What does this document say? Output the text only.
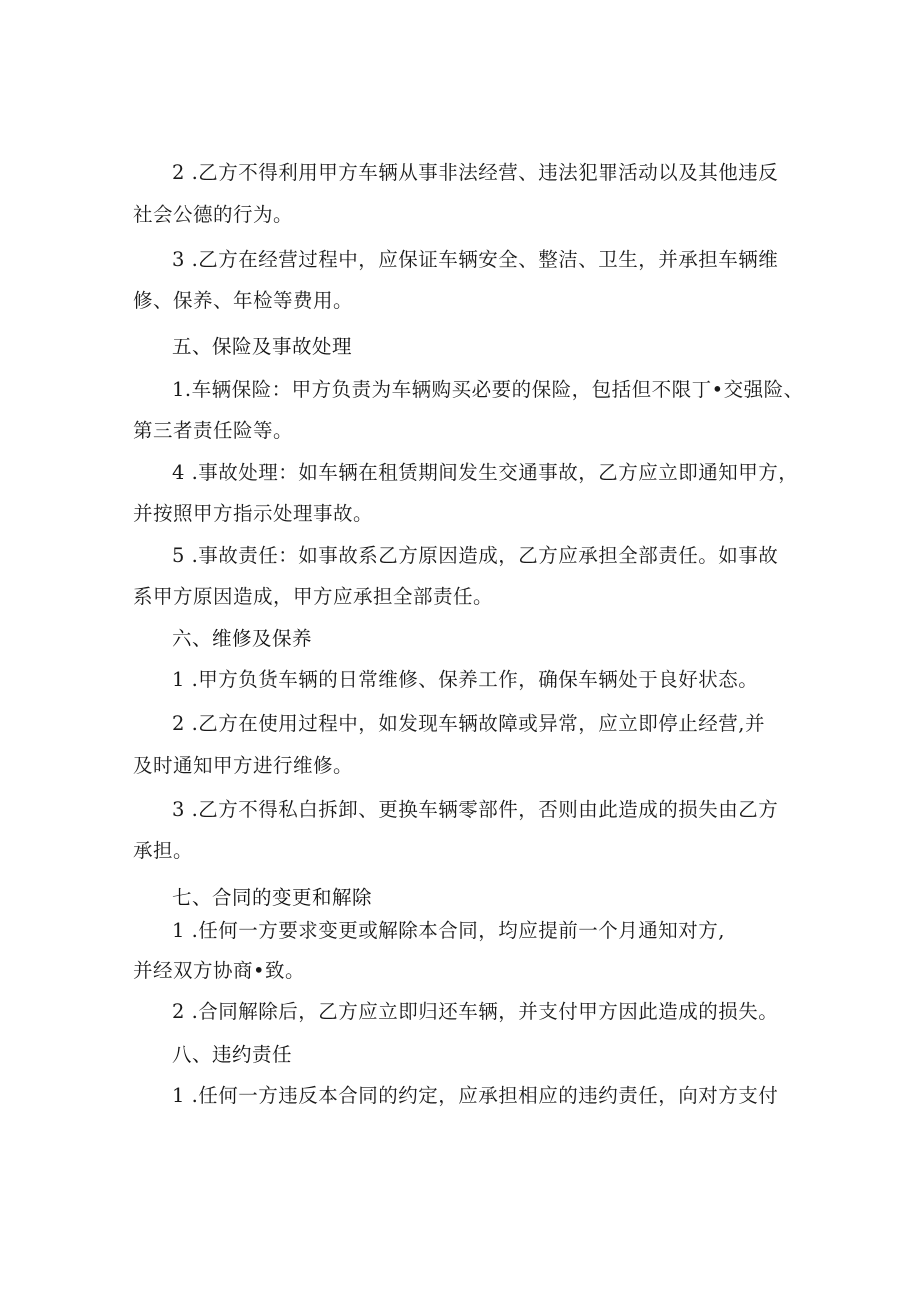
2 .乙方不得利用甲方车辆从事非法经营、违法犯罪活动以及其他违反
社会公德的行为。
3 .乙方在经营过程中，应保证车辆安全、整洁、卫生，并承担车辆维
修、保养、年检等费用。
五、保险及事故处理
1.车辆保险：甲方负责为车辆购买必要的保险，包括但不限丁•交强险、
第三者责任险等。
4 .事故处理：如车辆在租赁期间发生交通事故，乙方应立即通知甲方，
并按照甲方指示处理事故。
5 .事故责任：如事故系乙方原因造成，乙方应承担全部责任。如事故
系甲方原因造成，甲方应承担全部责任。
六、维修及保养
1 .甲方负货车辆的日常维修、保养工作，确保车辆处于良好状态。
2 .乙方在使用过程中，如发现车辆故障或异常，应立即停止经营,并
及时通知甲方进行维修。
3 .乙方不得私白拆卸、更换车辆零部件，否则由此造成的损失由乙方
承担。
七、合同的变更和解除
1 .任何一方要求变更或解除本合同，均应提前一个月通知对方,
并经双方协商•致。
2 .合同解除后，乙方应立即归还车辆，并支付甲方因此造成的损失。
八、违约责任
1 .任何一方违反本合同的约定，应承担相应的违约责任，向对方支付
